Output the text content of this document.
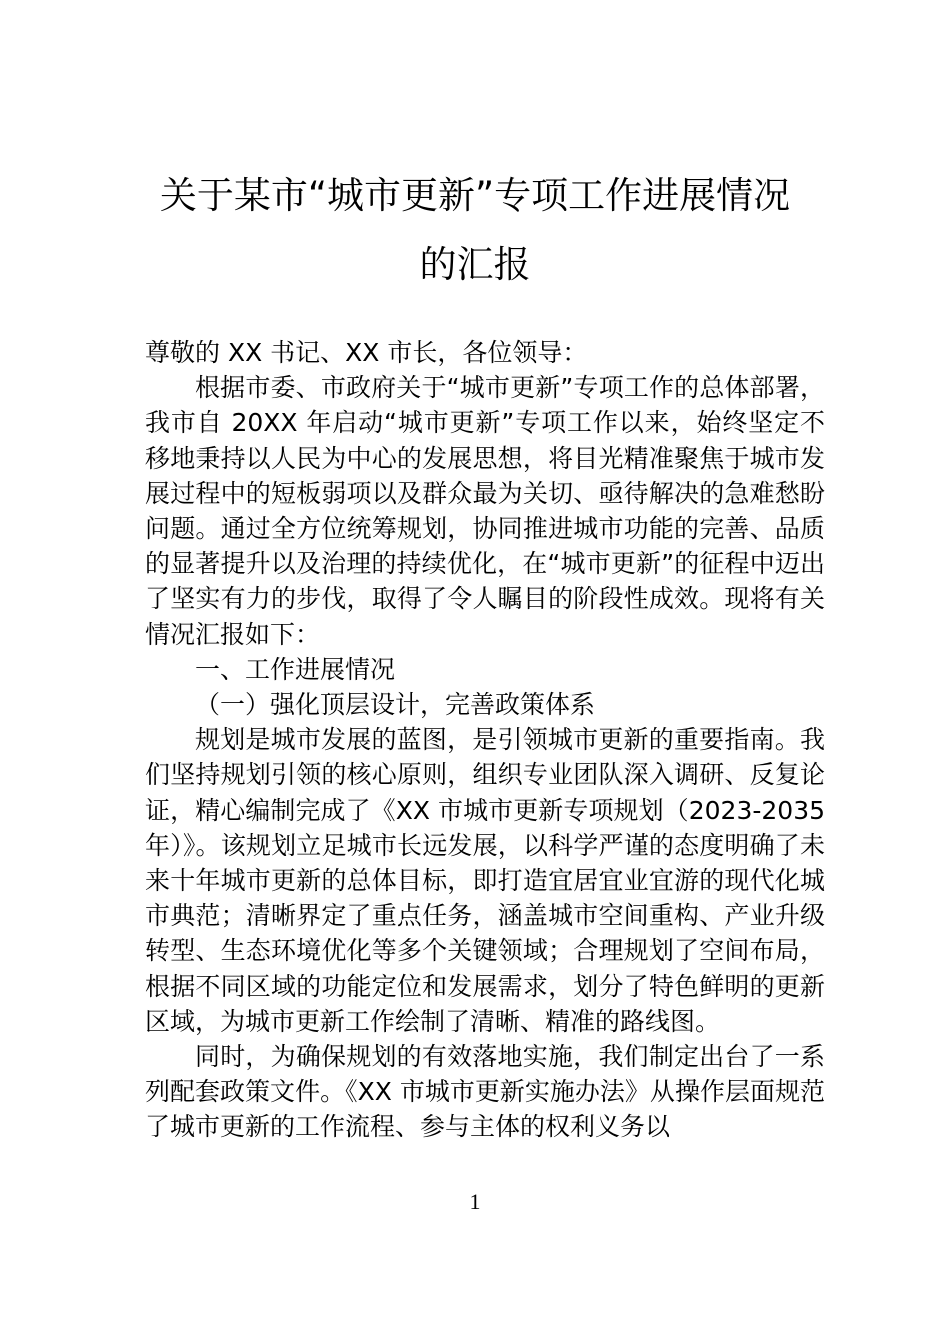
关于某市“城市更新”专项工作进展情况
的汇报

尊敬的 XX 书记、XX 市长，各位领导：

根据市委、市政府关于“城市更新”专项工作的总体部署，我市自 20XX 年启动“城市更新”专项工作以来，始终坚定不移地秉持以人民为中心的发展思想，将目光精准聚焦于城市发展过程中的短板弱项以及群众最为关切、亟待解决的急难愁盼问题。通过全方位统筹规划，协同推进城市功能的完善、品质的显著提升以及治理的持续优化，在“城市更新”的征程中迈出了坚实有力的步伐，取得了令人瞩目的阶段性成效。现将有关情况汇报如下：

一、工作进展情况

（一）强化顶层设计，完善政策体系

规划是城市发展的蓝图，是引领城市更新的重要指南。我们坚持规划引领的核心原则，组织专业团队深入调研、反复论证，精心编制完成了《XX 市城市更新专项规划（2023-2035 年）》。该规划立足城市长远发展，以科学严谨的态度明确了未来十年城市更新的总体目标，即打造宜居宜业宜游的现代化城市典范；清晰界定了重点任务，涵盖城市空间重构、产业升级转型、生态环境优化等多个关键领域；合理规划了空间布局，根据不同区域的功能定位和发展需求，划分了特色鲜明的更新区域，为城市更新工作绘制了清晰、精准的路线图。

同时，为确保规划的有效落地实施，我们制定出台了一系列配套政策文件。《XX 市城市更新实施办法》从操作层面规范了城市更新的工作流程、参与主体的权利义务以

1
